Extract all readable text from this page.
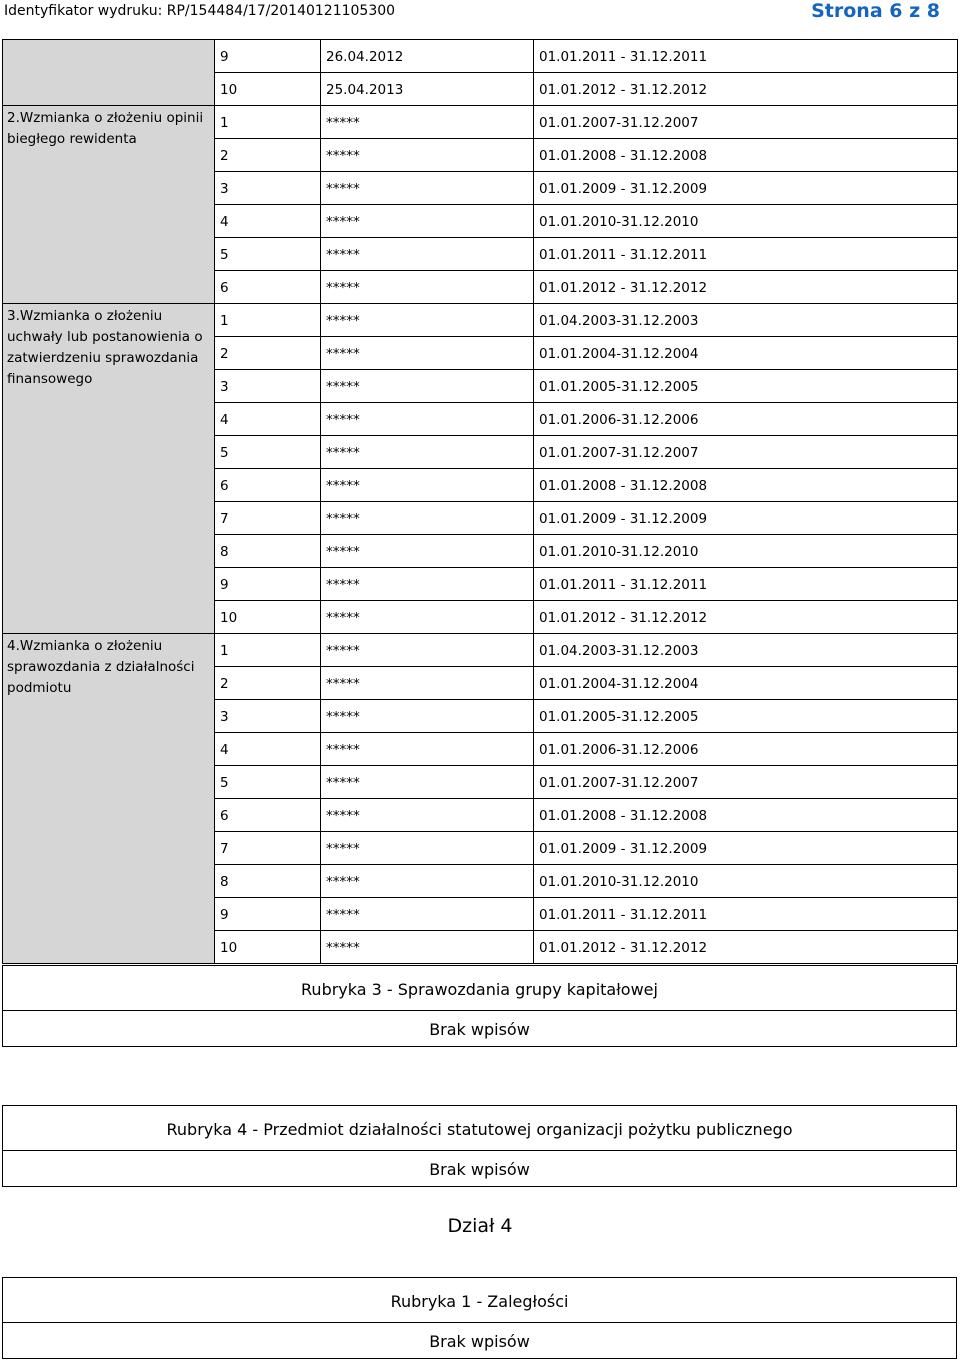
Identyfikator wydruku: RP/154484/17/20140121105300	Strona 6 z 8
	9	26.04.2012	01.01.2011 - 31.12.2011
	10	25.04.2013	01.01.2012 - 31.12.2012
2.Wzmianka o złożeniu opinii biegłego rewidenta	1	*****	01.01.2007-31.12.2007
	2	*****	01.01.2008 - 31.12.2008
	3	*****	01.01.2009 - 31.12.2009
	4	*****	01.01.2010-31.12.2010
	5	*****	01.01.2011 - 31.12.2011
	6	*****	01.01.2012 - 31.12.2012
3.Wzmianka o złożeniu uchwały lub postanowienia o zatwierdzeniu sprawozdania finansowego	1	*****	01.04.2003-31.12.2003
	2	*****	01.01.2004-31.12.2004
	3	*****	01.01.2005-31.12.2005
	4	*****	01.01.2006-31.12.2006
	5	*****	01.01.2007-31.12.2007
	6	*****	01.01.2008 - 31.12.2008
	7	*****	01.01.2009 - 31.12.2009
	8	*****	01.01.2010-31.12.2010
	9	*****	01.01.2011 - 31.12.2011
	10	*****	01.01.2012 - 31.12.2012
4.Wzmianka o złożeniu sprawozdania z działalności podmiotu	1	*****	01.04.2003-31.12.2003
	2	*****	01.01.2004-31.12.2004
	3	*****	01.01.2005-31.12.2005
	4	*****	01.01.2006-31.12.2006
	5	*****	01.01.2007-31.12.2007
	6	*****	01.01.2008 - 31.12.2008
	7	*****	01.01.2009 - 31.12.2009
	8	*****	01.01.2010-31.12.2010
	9	*****	01.01.2011 - 31.12.2011
	10	*****	01.01.2012 - 31.12.2012
Rubryka 3 - Sprawozdania grupy kapitałowej
Brak wpisów
Rubryka 4 - Przedmiot działalności statutowej organizacji pożytku publicznego
Brak wpisów
Dział 4
Rubryka 1 - Zaległości
Brak wpisów
